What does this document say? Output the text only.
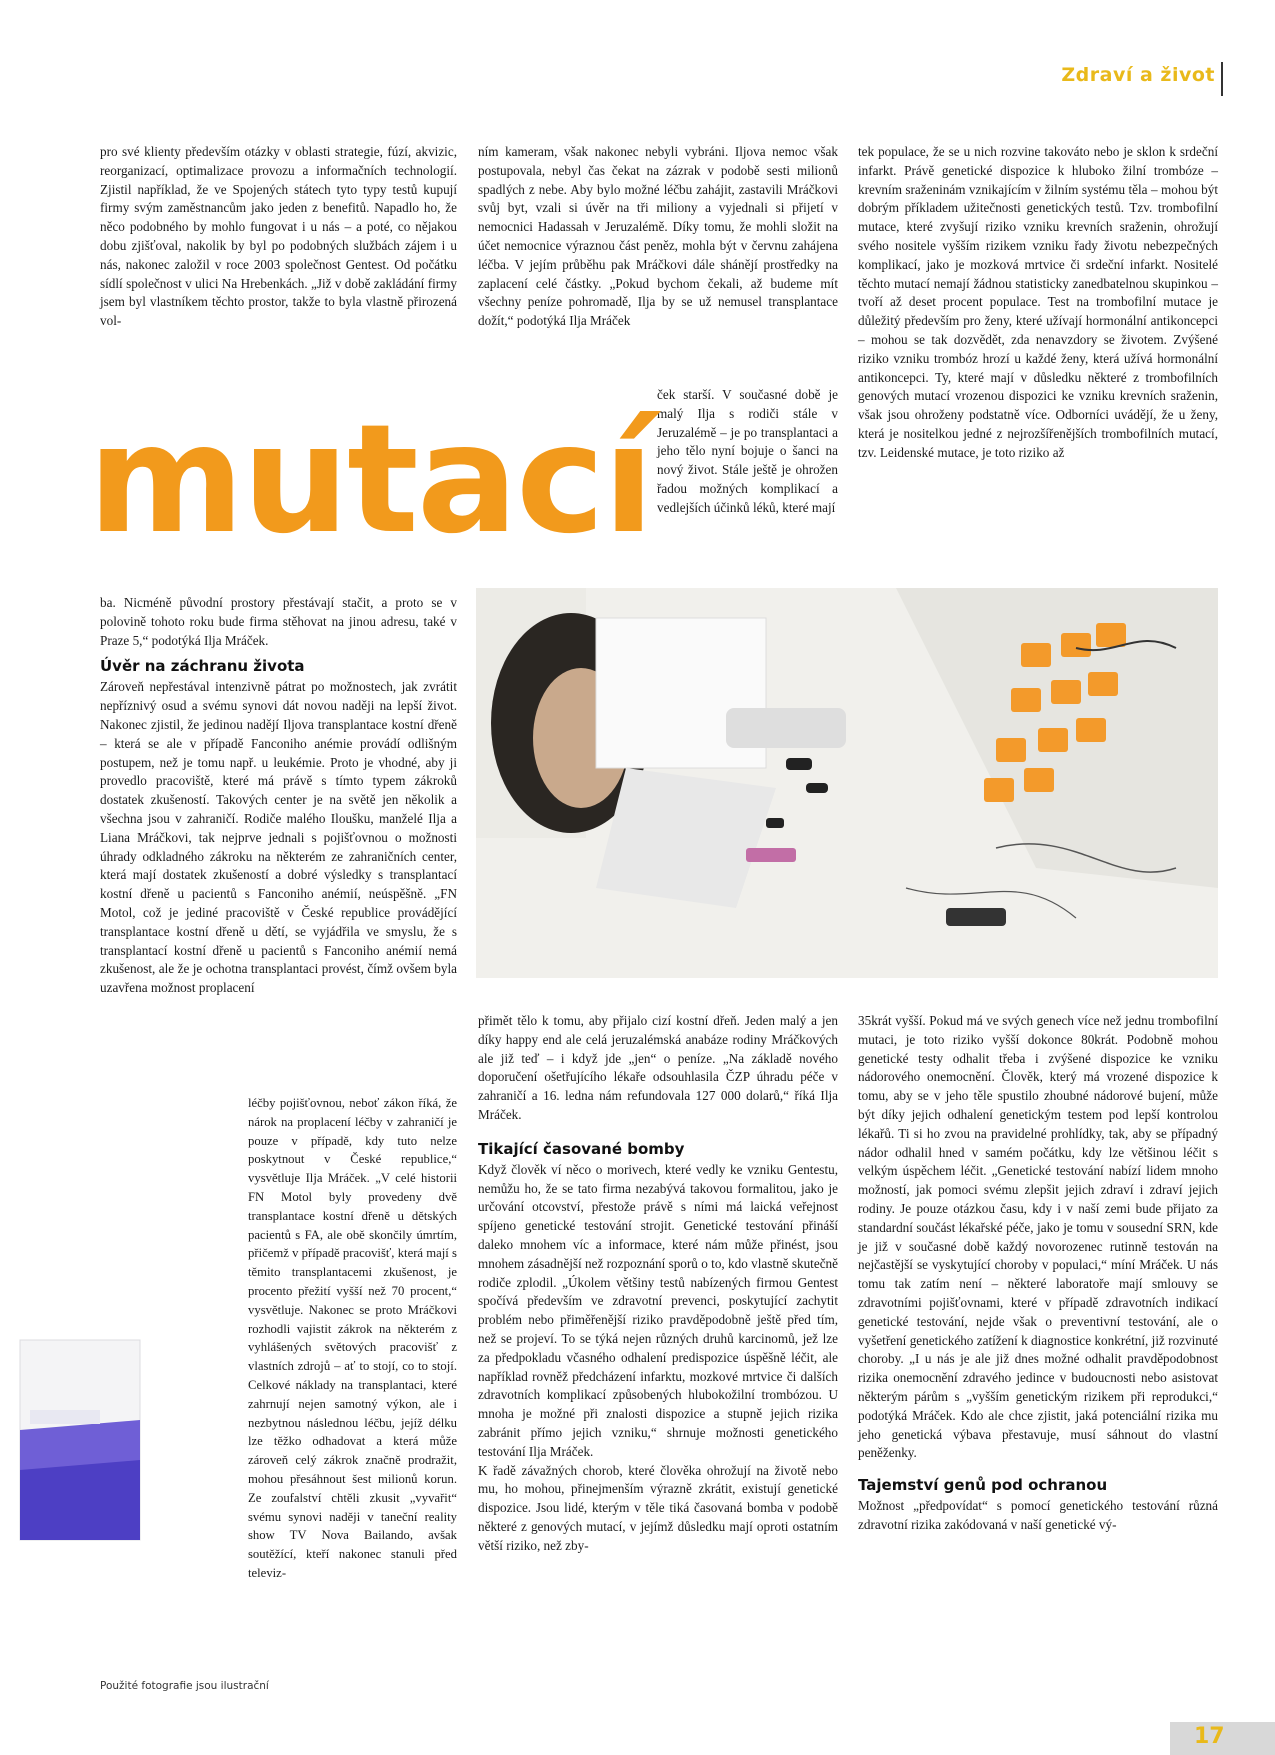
Zdraví a život

pro své klienty především otázky v oblasti strategie, fúzí, akvizic, reorganizací, optimalizace provozu a informačních technologií. Zjistil například, že ve Spojených státech tyto typy testů kupují firmy svým zaměstnancům jako jeden z benefitů. Napadlo ho, že něco podobného by mohlo fungovat i u nás – a poté, co nějakou dobu zjišťoval, nakolik by byl po podobných službách zájem i u nás, nakonec založil v roce 2003 společnost Gentest. Od počátku sídlí společnost v ulici Na Hrebenkách. „Již v době zakládání firmy jsem byl vlastníkem těchto prostor, takže to byla vlastně přirozená vol-

ním kameram, však nakonec nebyli vybráni. Iljova nemoc však postupovala, nebyl čas čekat na zázrak v podobě sesti milionů spadlých z nebe. Aby bylo možné léčbu zahájit, zastavili Mráčkovi svůj byt, vzali si úvěr na tři miliony a vyjednali si přijetí v nemocnici Hadassah v Jeruzalémě. Díky tomu, že mohli složit na účet nemocnice výraznou část peněz, mohla být v červnu zahájena léčba. V jejím průběhu pak Mráčkovi dále shánějí prostředky na zaplacení celé částky. „Pokud bychom čekali, až budeme mít všechny peníze pohromadě, Ilja by se už nemusel transplantace dožít,“ podotýká Ilja Mráček

ček starší. V současné době je malý Ilja s rodiči stále v Jeruzalémě – je po transplantaci a jeho tělo nyní bojuje o šanci na nový život. Stále ještě je ohrožen řadou možných komplikací a vedlejších účinků léků, které mají

tek populace, že se u nich rozvine takováto nebo je sklon k srdeční infarkt. Právě genetické dispozice k hluboko žilní trombóze – krevním sraženinám vznikajícím v žilním systému těla – mohou být dobrým příkladem užitečnosti genetických testů. Tzv. trombofilní mutace, které zvyšují riziko vzniku krevních sraženin, ohrožují svého nositele vyšším rizikem vzniku řady životu nebezpečných komplikací, jako je mozková mrtvice či srdeční infarkt. Nositelé těchto mutací nemají žádnou statisticky zanedbatelnou skupinkou – tvoří až deset procent populace. Test na trombofilní mutace je důležitý především pro ženy, které užívají hormonální antikoncepci – mohou se tak dozvědět, zda nenavzdory se životem. Zvýšené riziko vzniku trombóz hrozí u každé ženy, která užívá hormonální antikoncepci. Ty, které mají v důsledku některé z trombofilních genových mutací vrozenou dispozici ke vzniku krevních sraženin, však jsou ohroženy podstatně více. Odborníci uvádějí, že u ženy, která je nositelkou jedné z nejrozšířenějších trombofilních mutací, tzv. Leidenské mutace, je toto riziko až

mutací

ba. Nicméně původní prostory přestávají stačit, a proto se v polovině tohoto roku bude firma stěhovat na jinou adresu, také v Praze 5,“ podotýká Ilja Mráček.

Úvěr na záchranu života

Zároveň nepřestával intenzivně pátrat po možnostech, jak zvrátit nepříznivý osud a svému synovi dát novou naději na lepší život. Nakonec zjistil, že jedinou nadějí Iljova transplantace kostní dřeně – která se ale v případě Fanconiho anémie provádí odlišným postupem, než je tomu např. u leukémie. Proto je vhodné, aby ji provedlo pracoviště, které má právě s tímto typem zákroků dostatek zkušeností. Takových center je na světě jen několik a všechna jsou v zahraničí. Rodiče malého Iloušku, manželé Ilja a Liana Mráčkovi, tak nejprve jednali s pojišťovnou o možnosti úhrady odkladného zákroku na některém ze zahraničních center, která mají dostatek zkušeností a dobré výsledky s transplantací kostní dřeně u pacientů s Fanconiho anémií, neúspěšně. „FN Motol, což je jediné pracoviště v České republice provádějící transplantace kostní dřeně u dětí, se vyjádřila ve smyslu, že s transplantací kostní dřeně u pacientů s Fanconiho anémií nemá zkušenost, ale že je ochotna transplantaci provést, čímž ovšem byla uzavřena možnost proplacení

léčby pojišťovnou, neboť zákon říká, že nárok na proplacení léčby v zahraničí je pouze v případě, kdy tuto nelze poskytnout v České republice,“ vysvětluje Ilja Mráček. „V celé historii FN Motol byly provedeny dvě transplantace kostní dřeně u dětských pacientů s FA, ale obě skončily úmrtím, přičemž v případě pracovišť, která mají s těmito transplantacemi zkušenost, je procento přežití vyšší než 70 procent,“ vysvětluje. Nakonec se proto Mráčkovi rozhodli vajistit zákrok na některém z vyhlášených světových pracovišť z vlastních zdrojů – ať to stojí, co to stojí. Celkové náklady na transplantaci, které zahrnují nejen samotný výkon, ale i nezbytnou následnou léčbu, jejíž délku lze těžko odhadovat a která může zároveň celý zákrok značně prodražit, mohou přesáhnout šest milionů korun. Ze zoufalství chtěli zkusit „vyvařit“ svému synovi naději v taneční reality show TV Nova Bailando, avšak soutěžící, kteří nakonec stanuli před televiz-

Použité fotografie jsou ilustrační

přimět tělo k tomu, aby přijalo cizí kostní dřeň. Jeden malý a jen díky happy end ale celá jeruzalémská anabáze rodiny Mráčkových ale již teď – i když jde „jen“ o peníze. „Na základě nového doporučení ošetřujícího lékaře odsouhlasila ČZP úhradu péče v zahraničí a 16. ledna nám refundovala 127 000 dolarů,“ říká Ilja Mráček.

Tikající časované bomby

Když člověk ví něco o morivech, které vedly ke vzniku Gentestu, nemůžu ho, že se tato firma nezabývá takovou formalitou, jako je určování otcovství, přestože právě s ními má laická veřejnost spíjeno genetické testování strojit. Genetické testování přináší daleko mnohem víc a informace, které nám může přinést, jsou mnohem zásadnější než rozpoznání sporů o to, kdo vlastně skutečně rodiče zplodil. „Úkolem většiny testů nabízených firmou Gentest spočívá především ve zdravotní prevenci, poskytující zachytit problém nebo přiměřenější riziko pravděpodobně ještě před tím, než se projeví. To se týká nejen různých druhů karcinomů, jež lze za předpokladu včasného odhalení predispozice úspěšně léčit, ale například rovněž předcházení infarktu, mozkové mrtvice či dalších zdravotních komplikací způsobených hlubokožilní trombózou. U mnoha je možné při znalosti dispozice a stupně jejich rizika zabránit přímo jejich vzniku,“ shrnuje možnosti genetického testování Ilja Mráček.

K řadě závažných chorob, které člověka ohrožují na životě nebo mu, ho mohou, přinejmenším výrazně zkrátit, existují genetické dispozice. Jsou lidé, kterým v těle tiká časovaná bomba v podobě některé z genových mutací, v jejímž důsledku mají oproti ostatním větší riziko, než zby-

35krát vyšší. Pokud má ve svých genech více než jednu trombofilní mutaci, je toto riziko vyšší dokonce 80krát. Podobně mohou genetické testy odhalit třeba i zvýšené dispozice ke vzniku nádorového onemocnění. Člověk, který má vrozené dispozice k tomu, aby se v jeho těle spustilo zhoubné nádorové bujení, může být díky jejich odhalení genetickým testem pod lepší kontrolou lékařů. Ti si ho zvou na pravidelné prohlídky, tak, aby se případný nádor odhalil hned v samém počátku, kdy lze většinou léčit s velkým úspěchem léčit. „Genetické testování nabízí lidem mnoho možností, jak pomoci svému zlepšit jejich zdraví i zdraví jejich rodiny. Je pouze otázkou času, kdy i v naší zemi bude přijato za standardní součást lékařské péče, jako je tomu v sousední SRN, kde je již v současné době každý novorozenec rutinně testován na nejčastější se vyskytující choroby v populaci,“ míní Mráček. U nás tomu tak zatím není – některé laboratoře mají smlouvy se zdravotními pojišťovnami, které v případě zdravotních indikací genetické testování, nejde však o preventivní testování, ale o vyšetření genetického zatížení k diagnostice konkrétní, již rozvinuté choroby. „I u nás je ale již dnes možné odhalit pravděpodobnost rizika onemocnění zdravého jedince v budoucnosti nebo asistovat některým párům s „vyšším genetickým rizikem při reprodukci,“ podotýká Mráček. Kdo ale chce zjistit, jaká potenciální rizika mu jeho genetická výbava přestavuje, musí sáhnout do vlastní peněženky.

Tajemství genů pod ochranou

Možnost „předpovídat“ s pomocí genetického testování různá zdravotní rizika zakódovaná v naší genetické vý-

17
